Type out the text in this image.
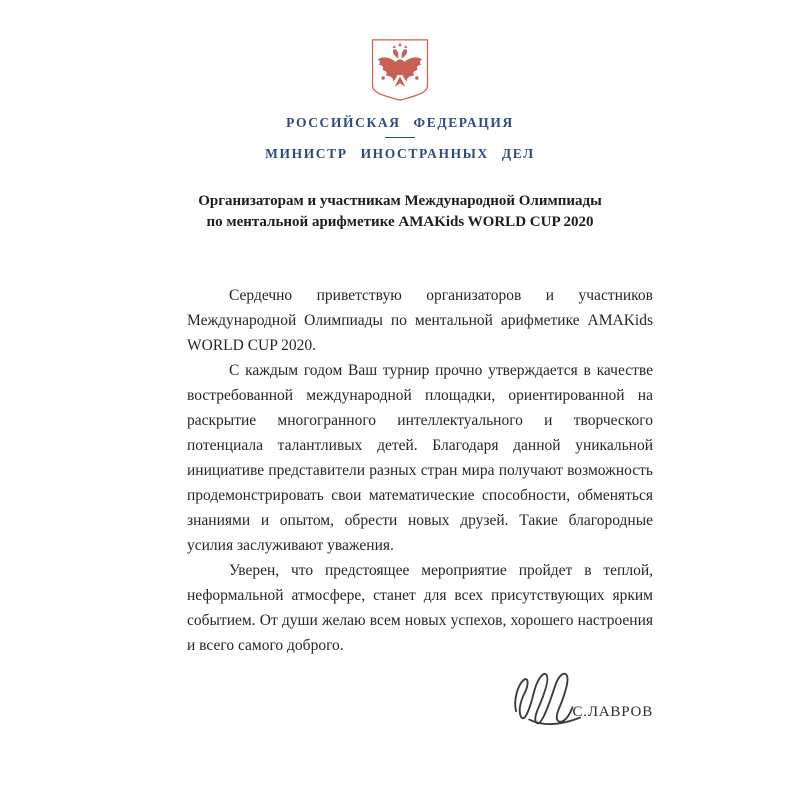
РОССИЙСКАЯ ФЕДЕРАЦИЯ
МИНИСТР ИНОСТРАННЫХ ДЕЛ
Организаторам и участникам Международной Олимпиады
по ментальной арифметике AMAKids WORLD CUP 2020

Сердечно приветствую организаторов и участников Международной Олимпиады по ментальной арифметике AMAKids WORLD CUP 2020.

С каждым годом Ваш турнир прочно утверждается в качестве востребованной международной площадки, ориентированной на раскрытие многогранного интеллектуального и творческого потенциала талантливых детей. Благодаря данной уникальной инициативе представители разных стран мира получают возможность продемонстрировать свои математические способности, обменяться знаниями и опытом, обрести новых друзей. Такие благородные усилия заслуживают уважения.

Уверен, что предстоящее мероприятие пройдет в теплой, неформальной атмосфере, станет для всех присутствующих ярким событием. От души желаю всем новых успехов, хорошего настроения и всего самого доброго.

С.ЛАВРОВ
